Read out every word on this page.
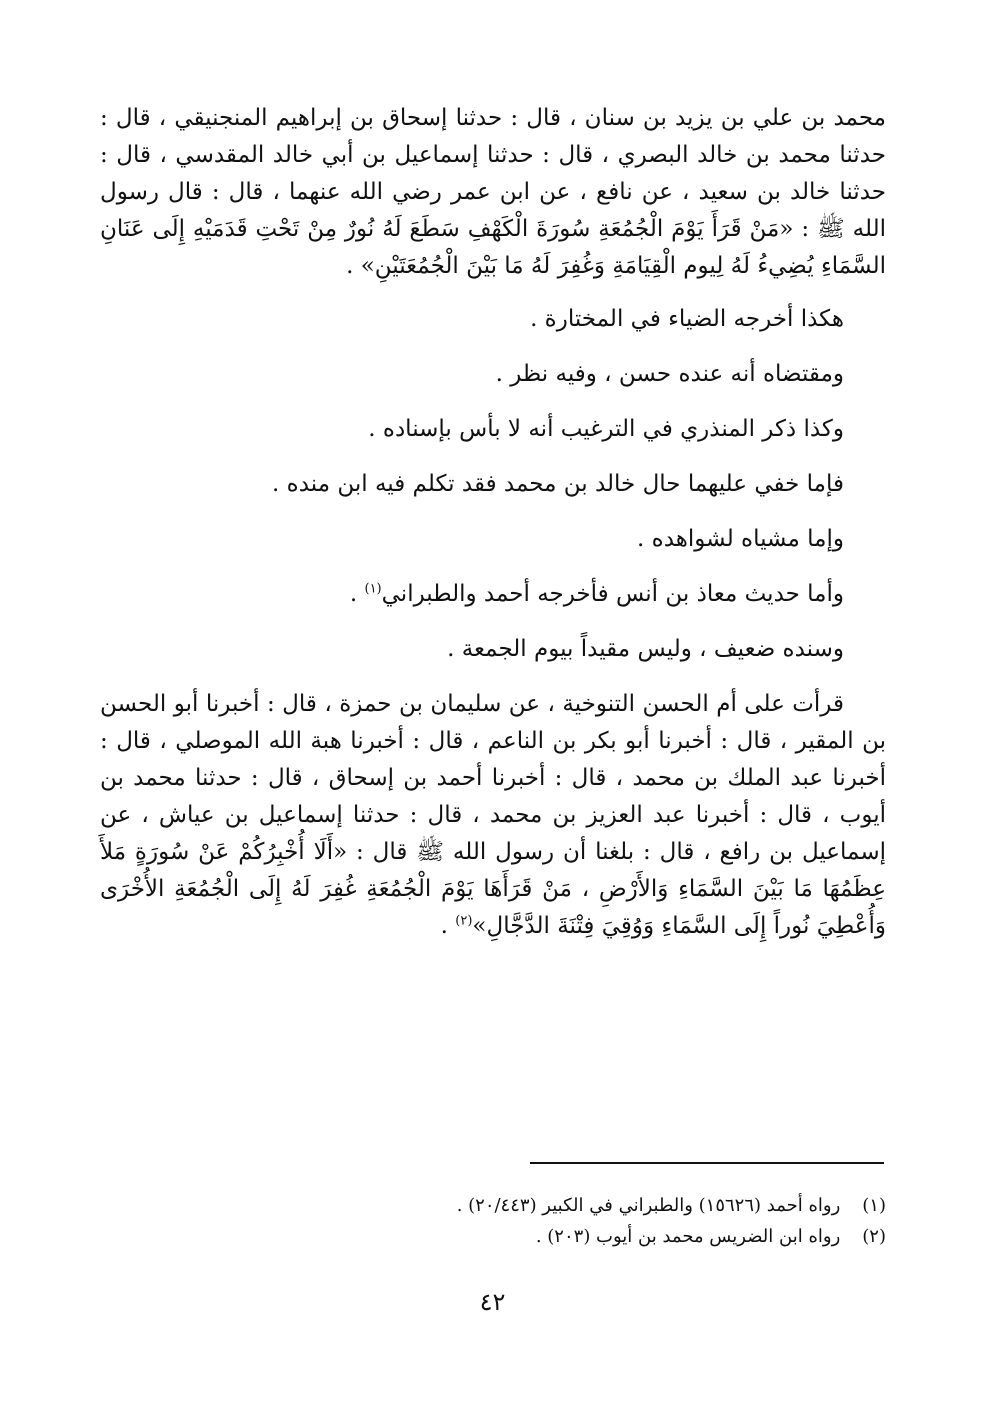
محمد بن علي بن يزيد بن سنان ، قال : حدثنا إسحاق بن إبراهيم المنجنيقي ، قال : حدثنا محمد بن خالد البصري ، قال : حدثنا إسماعيل بن أبي خالد المقدسي ، قال : حدثنا خالد بن سعيد ، عن نافع ، عن ابن عمر رضي الله عنهما ، قال : قال رسول الله ﷺ : «مَنْ قَرَأَ يَوْمَ الْجُمُعَةِ سُورَةَ الْكَهْفِ سَطَعَ لَهُ نُورٌ مِنْ تَحْتِ قَدَمَيْهِ إِلَى عَنَانِ السَّمَاءِ يُضِيءُ لَهُ لِيوم الْقِيَامَةِ وَغُفِرَ لَهُ مَا بَيْنَ الْجُمُعَتَيْنِ» .

هكذا أخرجه الضياء في المختارة .

ومقتضاه أنه عنده حسن ، وفيه نظر .

وكذا ذكر المنذري في الترغيب أنه لا بأس بإسناده .

فإما خفي عليهما حال خالد بن محمد فقد تكلم فيه ابن منده .

وإما مشياه لشواهده .

وأما حديث معاذ بن أنس فأخرجه أحمد والطبراني$^{(١)}$ .

وسنده ضعيف ، وليس مقيداً بيوم الجمعة .

قرأت على أم الحسن التنوخية ، عن سليمان بن حمزة ، قال : أخبرنا أبو الحسن بن المقير ، قال : أخبرنا أبو بكر بن الناعم ، قال : أخبرنا هبة الله الموصلي ، قال : أخبرنا عبد الملك بن محمد ، قال : أخبرنا أحمد بن إسحاق ، قال : حدثنا محمد بن أيوب ، قال : أخبرنا عبد العزيز بن محمد ، قال : حدثنا إسماعيل بن عياش ، عن إسماعيل بن رافع ، قال : بلغنا أن رسول الله ﷺ قال : «أَلَا أُخْبِرُكُمْ عَنْ سُورَةٍ مَلأَ عِظَمُهَا مَا بَيْنَ السَّمَاءِ وَالأَرْضِ ، مَنْ قَرَأَهَا يَوْمَ الْجُمُعَةِ غُفِرَ لَهُ إِلَى الْجُمُعَةِ الأُخْرَى وَأُعْطِيَ نُوراً إِلَى السَّمَاءِ وَوُقِيَ فِتْنَةَ الدَّجَّالِ»$^{(٢)}$ .

(١) رواه أحمد (١٥٦٢٦) والطبراني في الكبير (٢٠/٤٤٣) .
(٢) رواه ابن الضريس محمد بن أيوب (٢٠٣) .
٤٢
